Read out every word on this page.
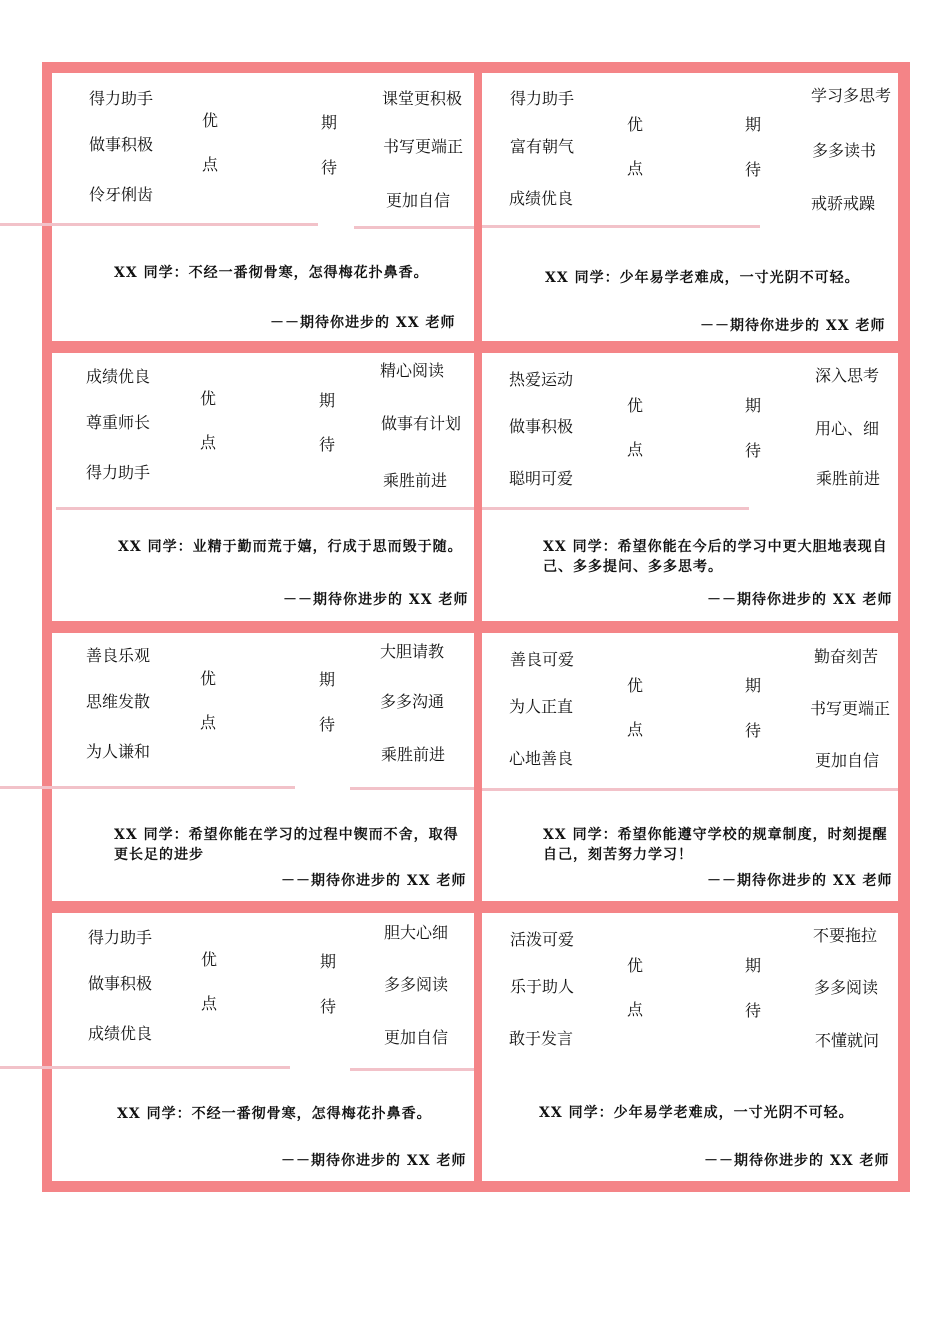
得力助手
做事积极
伶牙俐齿
优
点
期
待
课堂更积极
书写更端正
更加自信
XX 同学：不经一番彻骨寒，怎得梅花扑鼻香。
－－期待你进步的 XX 老师
得力助手
富有朝气
成绩优良
优
点
期
待
学习多思考
多多读书
戒骄戒躁
XX 同学：少年易学老难成，一寸光阴不可轻。
－－期待你进步的 XX 老师
成绩优良
尊重师长
得力助手
优
点
期
待
精心阅读
做事有计划
乘胜前进
XX 同学：业精于勤而荒于嬉，行成于思而毁于随。
－－期待你进步的 XX 老师
热爱运动
做事积极
聪明可爱
优
点
期
待
深入思考
用心、细
乘胜前进
XX 同学：希望你能在今后的学习中更大胆地表现自己、多多提问、多多思考。
－－期待你进步的 XX 老师
善良乐观
思维发散
为人谦和
优
点
期
待
大胆请教
多多沟通
乘胜前进
XX 同学：希望你能在学习的过程中锲而不舍，取得更长足的进步
－－期待你进步的 XX 老师
善良可爱
为人正直
心地善良
优
点
期
待
勤奋刻苦
书写更端正
更加自信
XX 同学：希望你能遵守学校的规章制度，时刻提醒自己，刻苦努力学习！
－－期待你进步的 XX 老师
得力助手
做事积极
成绩优良
优
点
期
待
胆大心细
多多阅读
更加自信
XX 同学：不经一番彻骨寒，怎得梅花扑鼻香。
－－期待你进步的 XX 老师
活泼可爱
乐于助人
敢于发言
优
点
期
待
不要拖拉
多多阅读
不懂就问
XX 同学：少年易学老难成，一寸光阴不可轻。
－－期待你进步的 XX 老师
